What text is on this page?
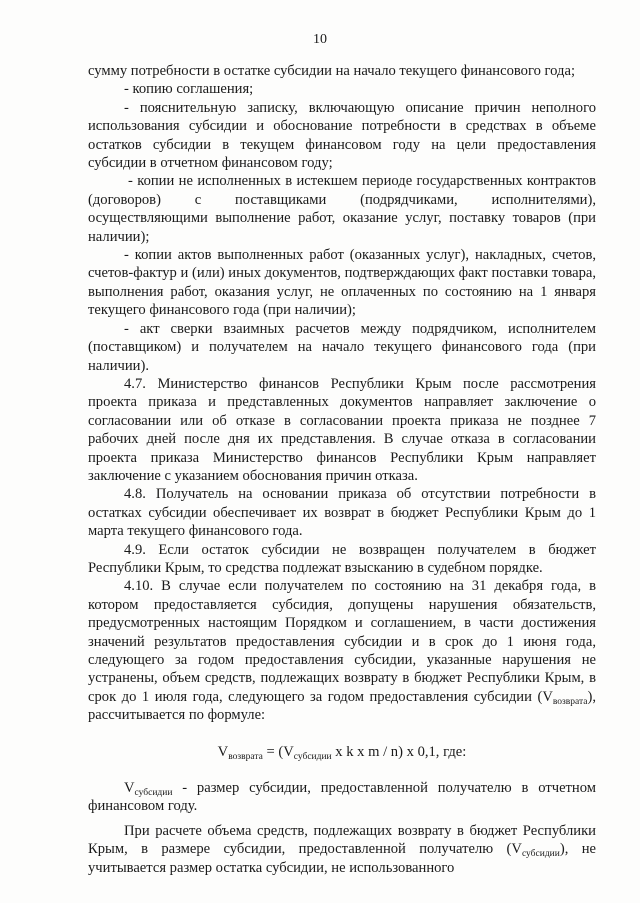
10

сумму потребности в остатке субсидии на начало текущего финансового года;

- копию соглашения;

- пояснительную записку, включающую описание причин неполного использования субсидии и обоснование потребности в средствах в объеме остатков субсидии в текущем финансовом году на цели предоставления субсидии в отчетном финансовом году;

- копии не исполненных в истекшем периоде государственных контрактов (договоров) с поставщиками (подрядчиками, исполнителями), осуществляющими выполнение работ, оказание услуг, поставку товаров (при наличии);

- копии актов выполненных работ (оказанных услуг), накладных, счетов, счетов-фактур и (или) иных документов, подтверждающих факт поставки товара, выполнения работ, оказания услуг, не оплаченных по состоянию на 1 января текущего финансового года (при наличии);

- акт сверки взаимных расчетов между подрядчиком, исполнителем (поставщиком) и получателем на начало текущего финансового года (при наличии).

4.7. Министерство финансов Республики Крым после рассмотрения проекта приказа и представленных документов направляет заключение о согласовании или об отказе в согласовании проекта приказа не позднее 7 рабочих дней после дня их представления. В случае отказа в согласовании проекта приказа Министерство финансов Республики Крым направляет заключение с указанием обоснования причин отказа.

4.8. Получатель на основании приказа об отсутствии потребности в остатках субсидии обеспечивает их возврат в бюджет Республики Крым до 1 марта текущего финансового года.

4.9. Если остаток субсидии не возвращен получателем в бюджет Республики Крым, то средства подлежат взысканию в судебном порядке.

4.10. В случае если получателем по состоянию на 31 декабря года, в котором предоставляется субсидия, допущены нарушения обязательств, предусмотренных настоящим Порядком и соглашением, в части достижения значений результатов предоставления субсидии и в срок до 1 июня года, следующего за годом предоставления субсидии, указанные нарушения не устранены, объем средств, подлежащих возврату в бюджет Республики Крым, в срок до 1 июля года, следующего за годом предоставления субсидии $(V_{возврата})$, рассчитывается по формуле:

$V_{возврата} = (V_{субсидии}$ x k x m / n) x 0,1, где:

$V_{субсидии}$ - размер субсидии, предоставленной получателю в отчетном финансовом году.

При расчете объема средств, подлежащих возврату в бюджет Республики Крым, в размере субсидии, предоставленной получателю $(V_{субсидии})$, не учитывается размер остатка субсидии, не использованного
